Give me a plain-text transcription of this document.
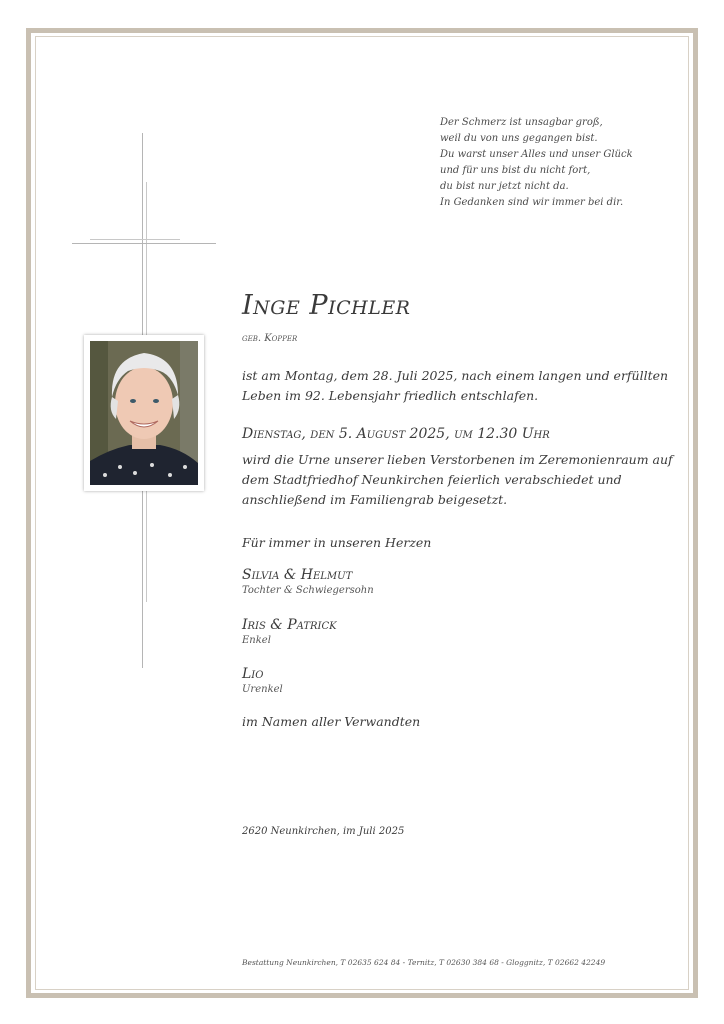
Der Schmerz ist unsagbar groß,
weil du von uns gegangen bist.
Du warst unser Alles und unser Glück
und für uns bist du nicht fort,
du bist nur jetzt nicht da.
In Gedanken sind wir immer bei dir.
Inge Pichler
geb. Kopper
ist am Montag, dem 28. Juli 2025, nach einem langen und erfüllten
Leben im 92. Lebensjahr friedlich entschlafen.
Dienstag, den 5. August 2025, um 12.30 Uhr
wird die Urne unserer lieben Verstorbenen im Zeremonienraum auf
dem Stadtfriedhof Neunkirchen feierlich verabschiedet und
anschließend im Familiengrab beigesetzt.
Für immer in unseren Herzen
Silvia & Helmut
Tochter & Schwiegersohn
Iris & Patrick
Enkel
Lio
Urenkel
im Namen aller Verwandten
2620 Neunkirchen, im Juli 2025
Bestattung Neunkirchen, T 02635 624 84 - Ternitz, T 02630 384 68 - Gloggnitz, T 02662 42249
